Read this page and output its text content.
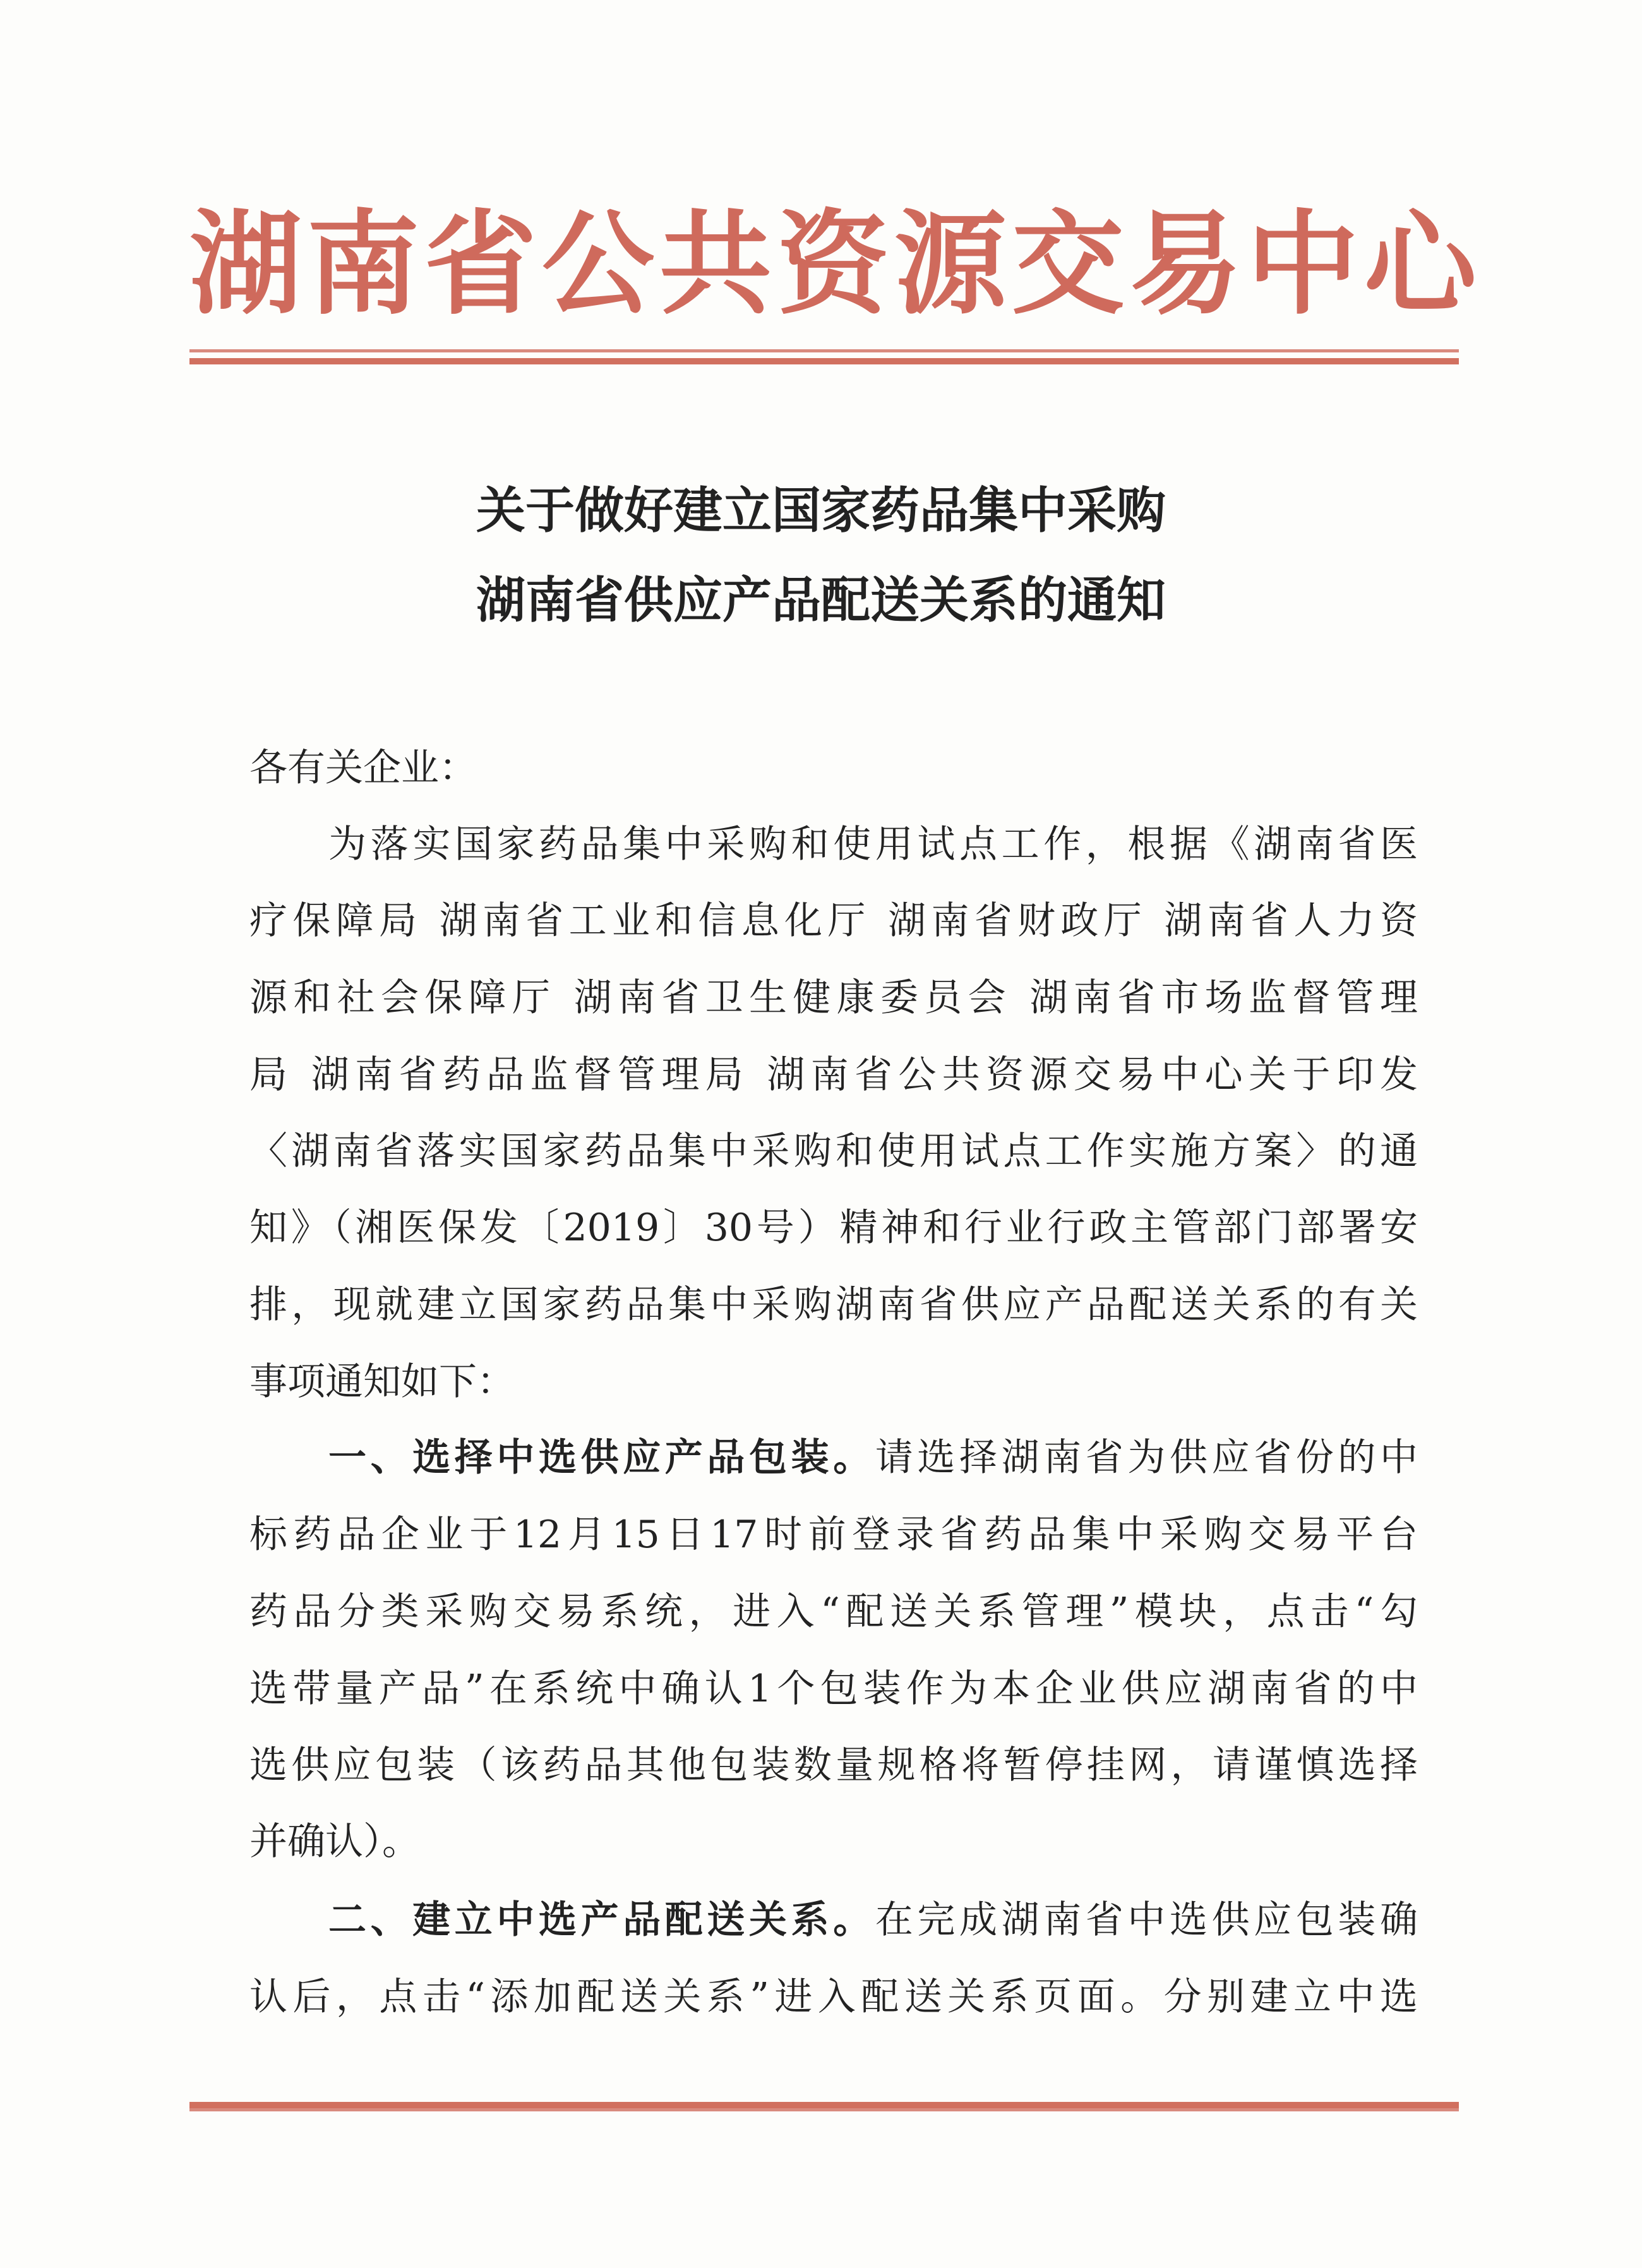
湖南省公共资源交易中心
关于做好建立国家药品集中采购
湖南省供应产品配送关系的通知
各有关企业：
为落实国家药品集中采购和使用试点工作，根据《湖南省医
疗保障局 湖南省工业和信息化厅 湖南省财政厅 湖南省人力资
源和社会保障厅 湖南省卫生健康委员会 湖南省市场监督管理
局 湖南省药品监督管理局 湖南省公共资源交易中心关于印发
〈湖南省落实国家药品集中采购和使用试点工作实施方案〉的通
知》（湘医保发〔2019〕30号）精神和行业行政主管部门部署安
排，现就建立国家药品集中采购湖南省供应产品配送关系的有关
事项通知如下：
一、选择中选供应产品包装。请选择湖南省为供应省份的中
标药品企业于12月15日17时前登录省药品集中采购交易平台
药品分类采购交易系统，进入“配送关系管理”模块，点击“勾
选带量产品”在系统中确认1个包装作为本企业供应湖南省的中
选供应包装（该药品其他包装数量规格将暂停挂网，请谨慎选择
并确认）。
二、建立中选产品配送关系。在完成湖南省中选供应包装确
认后，点击“添加配送关系”进入配送关系页面。分别建立中选
